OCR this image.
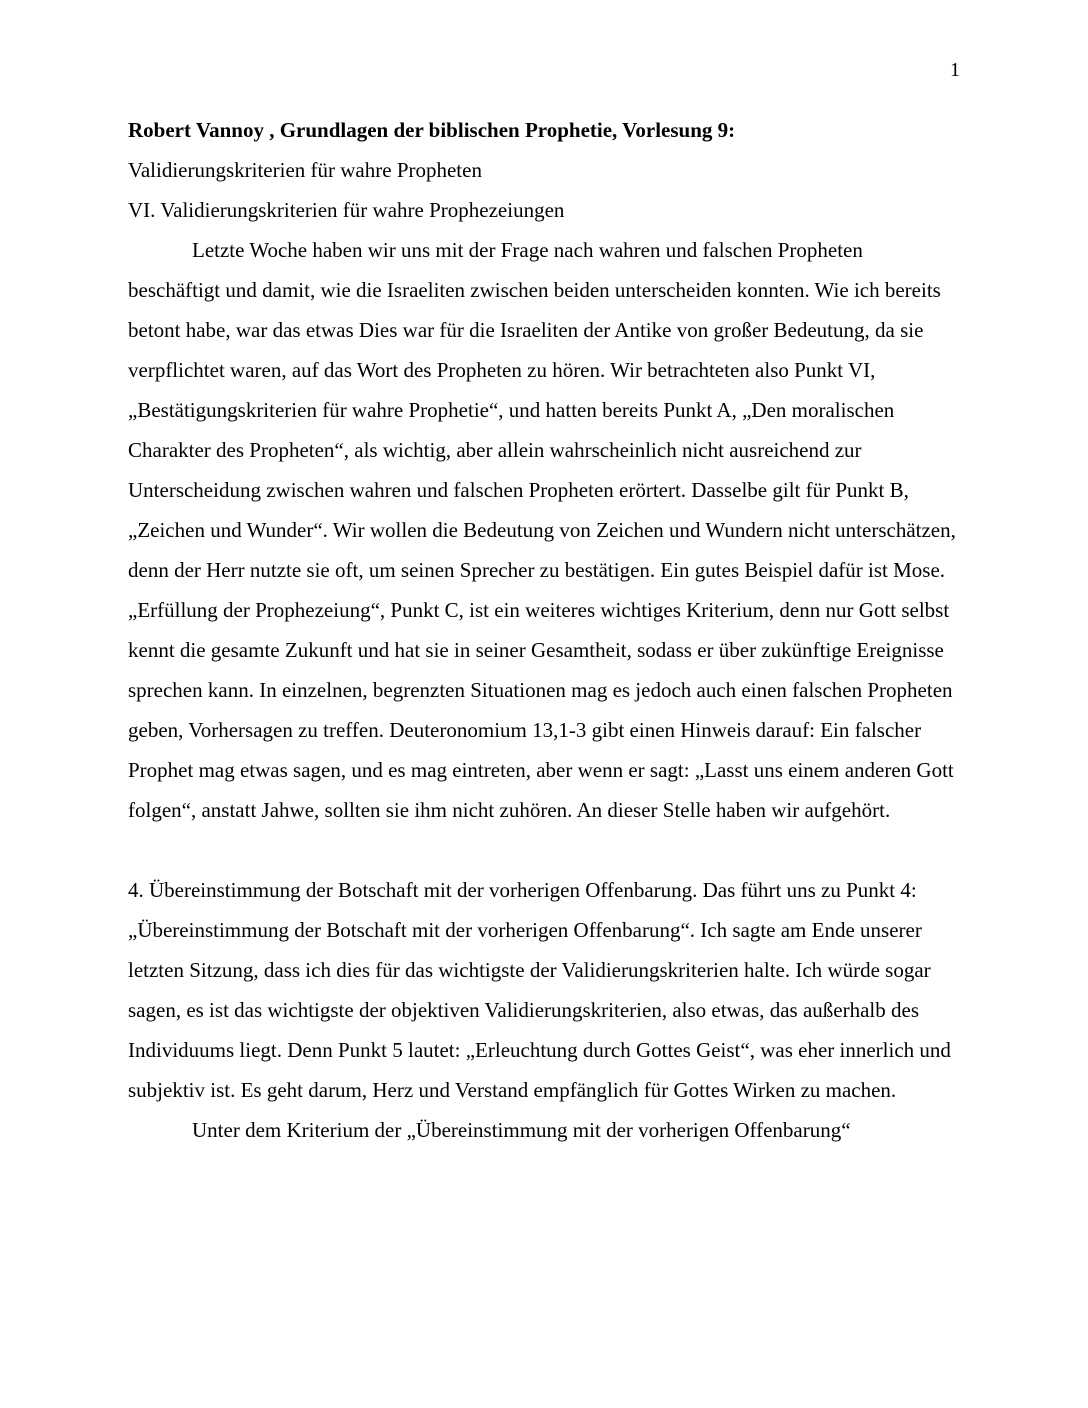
1
Robert Vannoy , Grundlagen der biblischen Prophetie, Vorlesung 9:
Validierungskriterien für wahre Propheten
VI. Validierungskriterien für wahre Prophezeiungen

Letzte Woche haben wir uns mit der Frage nach wahren und falschen Propheten beschäftigt und damit, wie die Israeliten zwischen beiden unterscheiden konnten. Wie ich bereits betont habe, war das etwas Dies war für die Israeliten der Antike von großer Bedeutung, da sie verpflichtet waren, auf das Wort des Propheten zu hören. Wir betrachteten also Punkt VI, „Bestätigungskriterien für wahre Prophetie“, und hatten bereits Punkt A, „Den moralischen Charakter des Propheten“, als wichtig, aber allein wahrscheinlich nicht ausreichend zur Unterscheidung zwischen wahren und falschen Propheten erörtert. Dasselbe gilt für Punkt B, „Zeichen und Wunder“. Wir wollen die Bedeutung von Zeichen und Wundern nicht unterschätzen, denn der Herr nutzte sie oft, um seinen Sprecher zu bestätigen. Ein gutes Beispiel dafür ist Mose. „Erfüllung der Prophezeiung“, Punkt C, ist ein weiteres wichtiges Kriterium, denn nur Gott selbst kennt die gesamte Zukunft und hat sie in seiner Gesamtheit, sodass er über zukünftige Ereignisse sprechen kann. In einzelnen, begrenzten Situationen mag es jedoch auch einen falschen Propheten geben, Vorhersagen zu treffen. Deuteronomium 13,1-3 gibt einen Hinweis darauf: Ein falscher Prophet mag etwas sagen, und es mag eintreten, aber wenn er sagt: „Lasst uns einem anderen Gott folgen“, anstatt Jahwe, sollten sie ihm nicht zuhören. An dieser Stelle haben wir aufgehört.

4. Übereinstimmung der Botschaft mit der vorherigen Offenbarung. Das führt uns zu Punkt 4: „Übereinstimmung der Botschaft mit der vorherigen Offenbarung“. Ich sagte am Ende unserer letzten Sitzung, dass ich dies für das wichtigste der Validierungskriterien halte. Ich würde sogar sagen, es ist das wichtigste der objektiven Validierungskriterien, also etwas, das außerhalb des Individuums liegt. Denn Punkt 5 lautet: „Erleuchtung durch Gottes Geist“, was eher innerlich und subjektiv ist. Es geht darum, Herz und Verstand empfänglich für Gottes Wirken zu machen.

Unter dem Kriterium der „Übereinstimmung mit der vorherigen Offenbarung“
